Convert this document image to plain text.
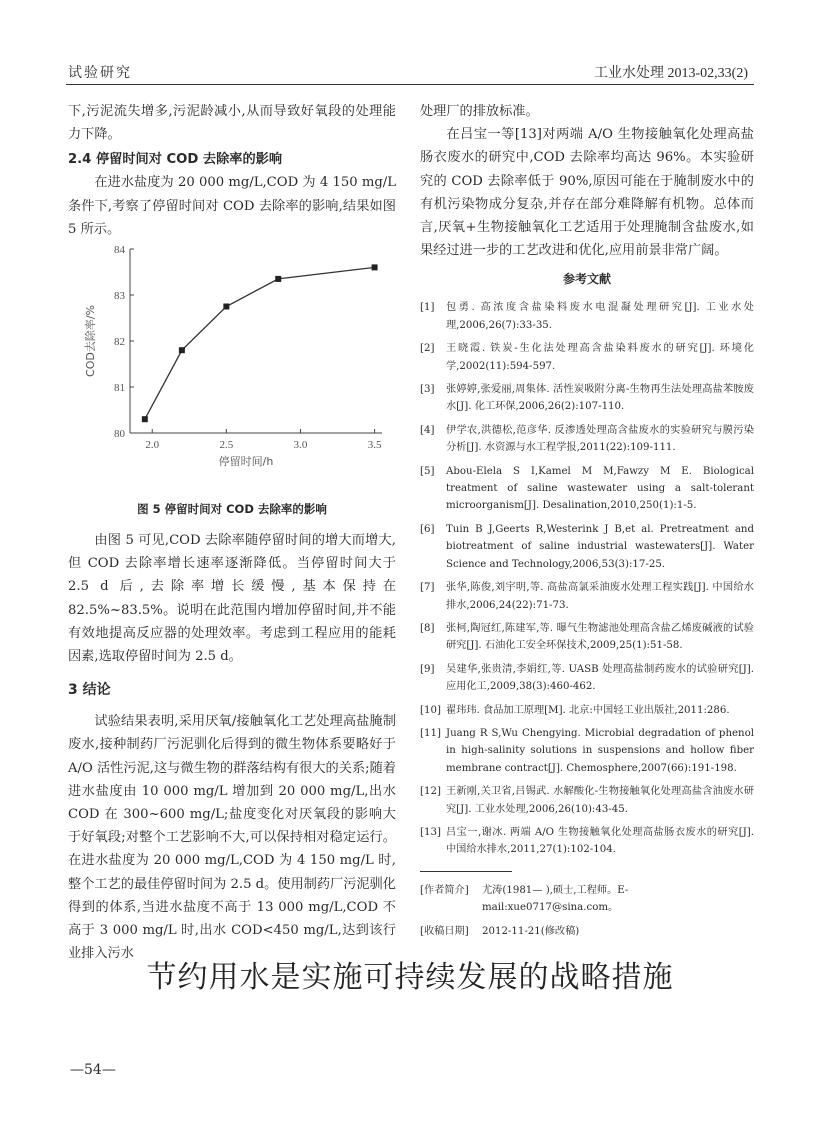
试验研究	工业水处理 2013-02,33(2)

下,污泥流失增多,污泥龄减小,从而导致好氧段的处理能力下降。

2.4 停留时间对 COD 去除率的影响

在进水盐度为 20 000 mg/L,COD 为 4 150 mg/L 条件下,考察了停留时间对 COD 去除率的影响,结果如图 5 所示。

80
81
82
83
84
2.0	2.5	3.0	3.5
停留时间/h
COD去除率/%

图 5 停留时间对 COD 去除率的影响

由图 5 可见,COD 去除率随停留时间的增大而增大,但 COD 去除率增长速率逐渐降低。当停留时间大于 2.5 d 后,去除率增长缓慢,基本保持在 82.5%~83.5%。说明在此范围内增加停留时间,并不能有效地提高反应器的处理效率。考虑到工程应用的能耗因素,选取停留时间为 2.5 d。

3 结论

试验结果表明,采用厌氧/接触氧化工艺处理高盐腌制废水,接种制药厂污泥驯化后得到的微生物体系要略好于 A/O 活性污泥,这与微生物的群落结构有很大的关系;随着进水盐度由 10 000 mg/L 增加到 20 000 mg/L,出水 COD 在 300~600 mg/L;盐度变化对厌氧段的影响大于好氧段;对整个工艺影响不大,可以保持相对稳定运行。在进水盐度为 20 000 mg/L,COD 为 4 150 mg/L 时,整个工艺的最佳停留时间为 2.5 d。使用制药厂污泥驯化得到的体系,当进水盐度不高于 13 000 mg/L,COD 不高于 3 000 mg/L 时,出水 COD<450 mg/L,达到该行业排入污水

处理厂的排放标准。

在吕宝一等[13]对两端 A/O 生物接触氧化处理高盐肠衣废水的研究中,COD 去除率均高达 96%。本实验研究的 COD 去除率低于 90%,原因可能在于腌制废水中的有机污染物成分复杂,并存在部分难降解有机物。总体而言,厌氧+生物接触氧化工艺适用于处理腌制含盐废水,如果经过进一步的工艺改进和优化,应用前景非常广阔。

参考文献
[1]	包勇. 高浓度含盐染料废水电混凝处理研究[J]. 工业水处理,2006,26(7):33-35.
[2]	王晓霞. 铁炭-生化法处理高含盐染料废水的研究[J]. 环境化学,2002(11):594-597.
[3]	张婷婷,张爱丽,周集体. 活性炭吸附分离-生物再生法处理高盐苯胺废水[J]. 化工环保,2006,26(2):107-110.
[4]	伊学农,洪德松,范彦华. 反渗透处理高含盐废水的实验研究与膜污染分析[J]. 水资源与水工程学报,2011(22):109-111.
[5]	Abou-Elela S I,Kamel M M,Fawzy M E. Biological treatment of saline wastewater using a salt-tolerant microorganism[J]. Desalination,2010,250(1):1-5.
[6]	Tuin B J,Geerts R,Westerink J B,et al. Pretreatment and biotreatment of saline industrial wastewaters[J]. Water Science and Technology,2006,53(3):17-25.
[7]	张华,陈俊,刘宇明,等. 高盐高氯采油废水处理工程实践[J]. 中国给水排水,2006,24(22):71-73.
[8]	张柯,陶冠红,陈建军,等. 曝气生物滤池处理高含盐乙烯废碱液的试验研究[J]. 石油化工安全环保技术,2009,25(1):51-58.
[9]	吴建华,张贵清,李娟红,等. UASB 处理高盐制药废水的试验研究[J]. 应用化工,2009,38(3):460-462.
[10] 翟玮玮. 食品加工原理[M]. 北京:中国轻工业出版社,2011:286.
[11] Juang R S,Wu Chengying. Microbial degradation of phenol in high-salinity solutions in suspensions and hollow fiber membrane contract[J]. Chemosphere,2007(66):191-198.
[12] 王新刚,关卫省,吕锡武. 水解酸化-生物接触氧化处理高盐含油废水研究[J]. 工业水处理,2006,26(10):43-45.
[13] 吕宝一,谢冰. 两端 A/O 生物接触氧化处理高盐肠衣废水的研究[J]. 中国给水排水,2011,27(1):102-104.
[作者简介]	尤涛(1981— ),硕士,工程师。E-mail:xue0717@sina.com。
[收稿日期]	2012-11-21(修改稿)
节约用水是实施可持续发展的战略措施
—54—
